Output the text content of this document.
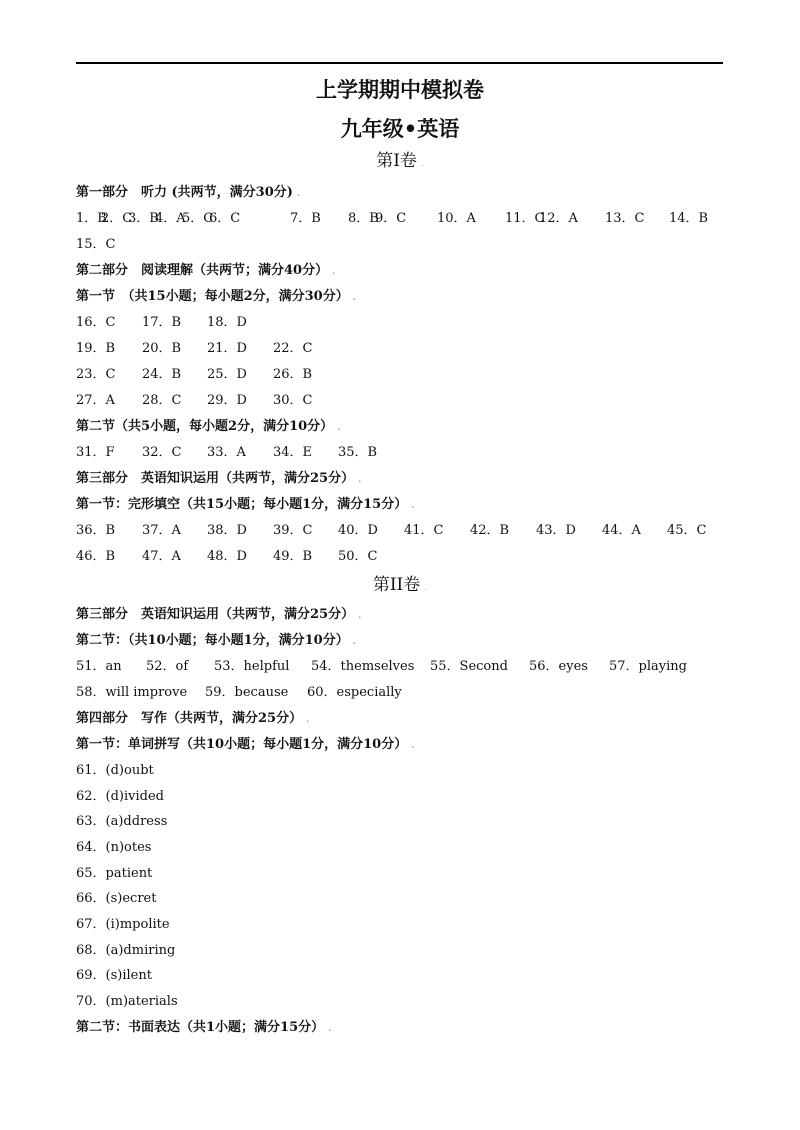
上学期期中模拟卷
九年级•英语
第I卷 .
第一部分　听力 (共两节，满分30分) .
1．B
2．C
3．B
4．A
5．C
6．C	7．B 8．B
9．C 10．A 11．C
12．A 13．C 14．B
15．C
第二部分　阅读理解（共两节；满分40分） .
第一节　（共15小题；每小题2分，满分30分） .
16．C 17．B 18．D
19．B 20．B 21．D 22．C
23．C 24．B 25．D 26．B
27．A 28．C 29．D 30．C
第二节（共5小题，每小题2分，满分10分） .
31．F 32．C 33．A 34．E 35．B
第三部分　英语知识运用（共两节，满分25分） .
第一节：完形填空（共15小题；每小题1分，满分15分） .
36．B 37．A 38．D 39．C 40．D 41．C 42．B 43．D 44．A 45．C
46．B 47．A 48．D 49．B 50．C
第II卷 .
第三部分　英语知识运用（共两节，满分25分） .
第二节：（共10小题；每小题1分，满分10分） .
51．an 52．of 53．helpful 54．themselves 55．Second 56．eyes 57．playing
58．will improve 59．because 60．especially
第四部分　写作（共两节，满分25分） .
第一节：单词拼写（共10小题；每小题1分，满分10分） .
61．(d)oubt
62．(d)ivided
63．(a)ddress
64．(n)otes
65．patient
66．(s)ecret
67．(i)mpolite
68．(a)dmiring
69．(s)ilent
70．(m)aterials
第二节：书面表达（共1小题；满分15分） .
